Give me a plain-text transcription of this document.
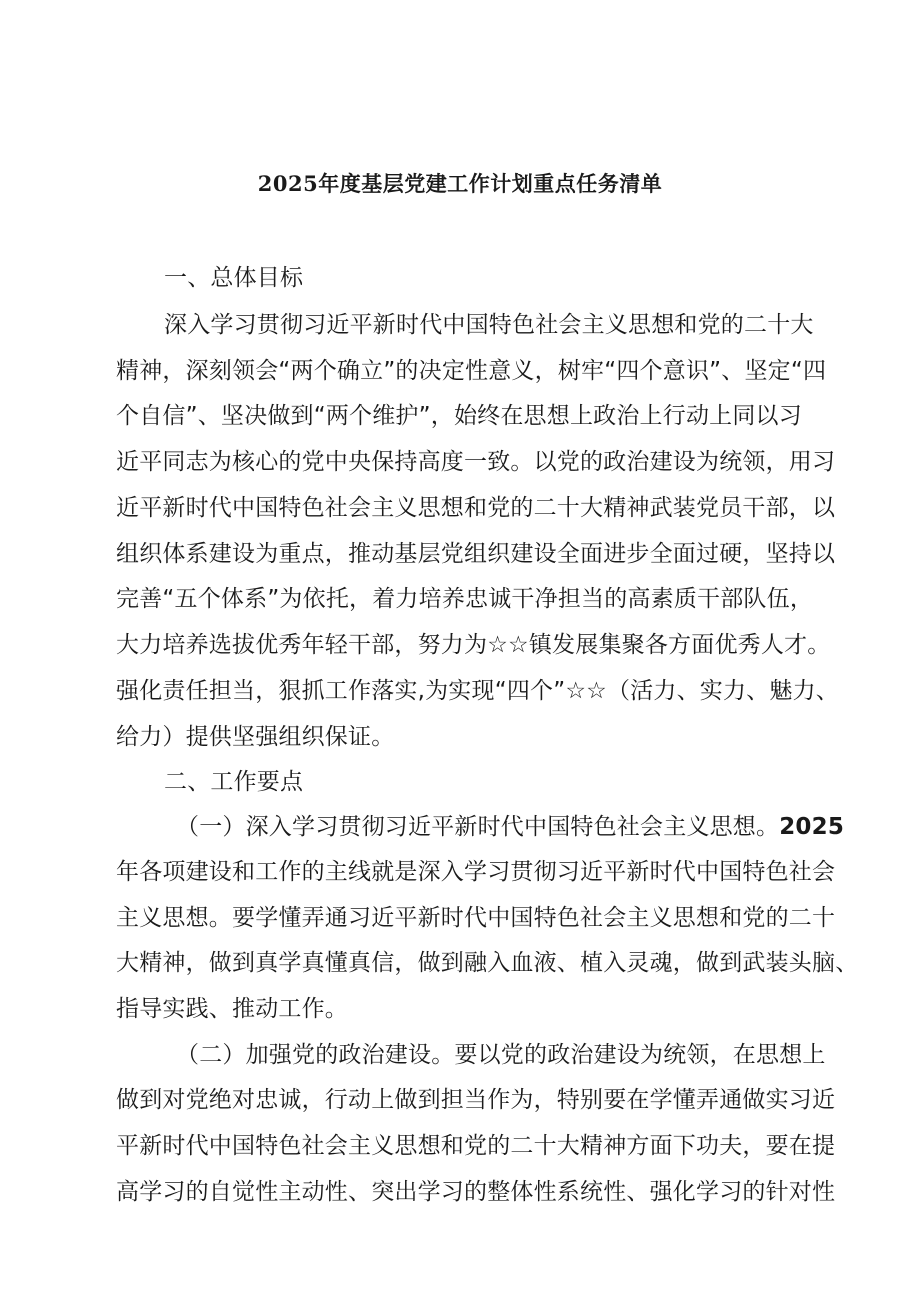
2025年度基层党建工作计划重点任务清单
一、总体目标
深入学习贯彻习近平新时代中国特色社会主义思想和党的二十大
精神，深刻领会“两个确立”的决定性意义，树牢“四个意识”、坚定“四
个自信”、坚决做到“两个维护”，始终在思想上政治上行动上同以习
近平同志为核心的党中央保持高度一致。以党的政治建设为统领，用习
近平新时代中国特色社会主义思想和党的二十大精神武装党员干部，以
组织体系建设为重点，推动基层党组织建设全面进步全面过硬，坚持以
完善“五个体系”为依托，着力培养忠诚干净担当的高素质干部队伍，
大力培养选拔优秀年轻干部，努力为☆☆镇发展集聚各方面优秀人才。
强化责任担当，狠抓工作落实,为实现“四个”☆☆（活力、实力、魅力、
给力）提供坚强组织保证。
二、工作要点
（一）深入学习贯彻习近平新时代中国特色社会主义思想。2025
年各项建设和工作的主线就是深入学习贯彻习近平新时代中国特色社会
主义思想。要学懂弄通习近平新时代中国特色社会主义思想和党的二十
大精神，做到真学真懂真信，做到融入血液、植入灵魂，做到武装头脑、
指导实践、推动工作。
（二）加强党的政治建设。要以党的政治建设为统领，在思想上
做到对党绝对忠诚，行动上做到担当作为，特别要在学懂弄通做实习近
平新时代中国特色社会主义思想和党的二十大精神方面下功夫，要在提
高学习的自觉性主动性、突出学习的整体性系统性、强化学习的针对性
